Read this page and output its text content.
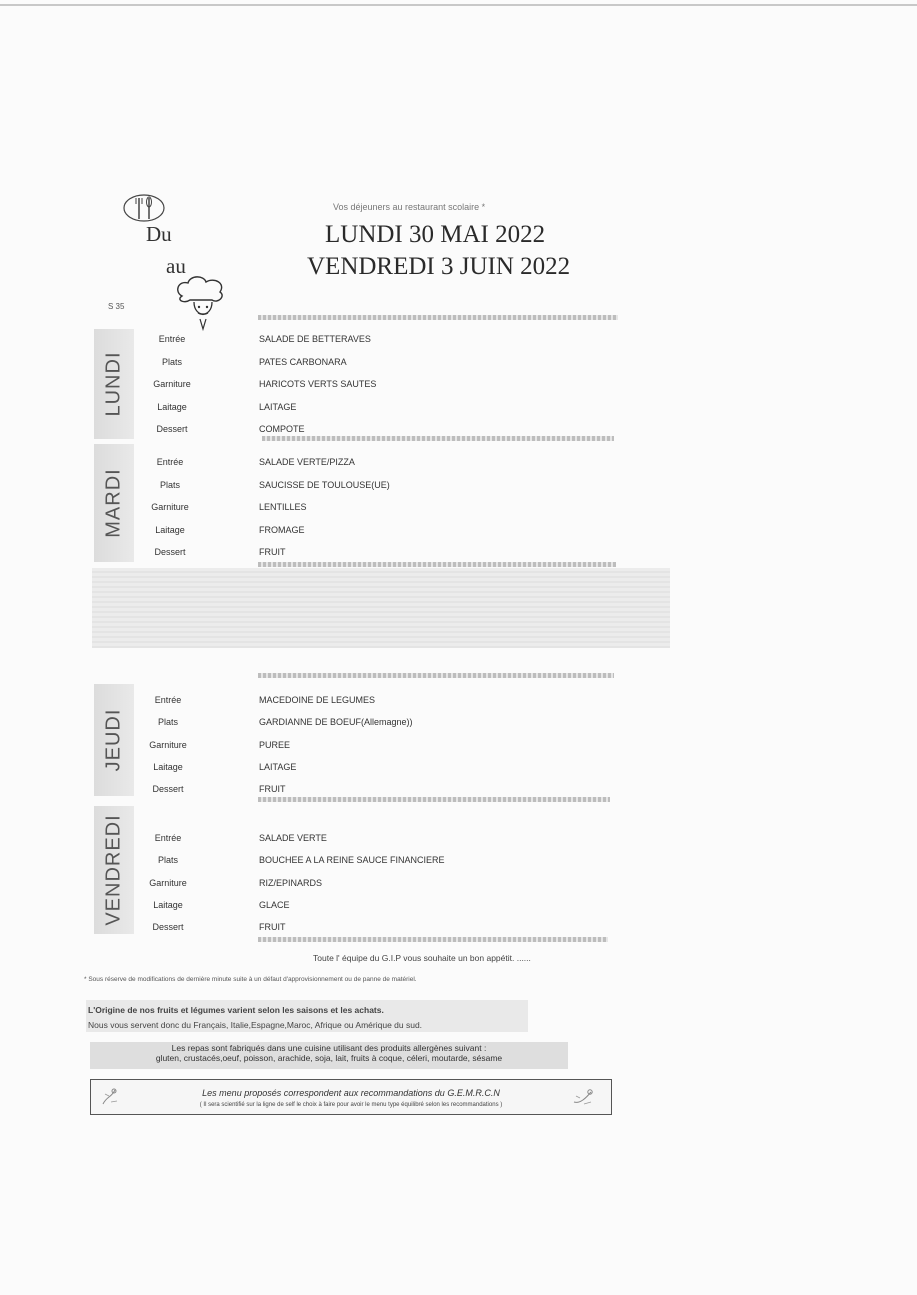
Vos déjeuners au restaurant scolaire *
Du
au
LUNDI 30 MAI 2022
VENDREDI 3 JUIN 2022
S 35
LUNDI
Entrée	SALADE DE BETTERAVES
Plats	PATES CARBONARA
Garniture	HARICOTS VERTS SAUTES
Laitage	LAITAGE
Dessert	COMPOTE
MARDI
Entrée	SALADE VERTE/PIZZA
Plats	SAUCISSE DE TOULOUSE(UE)
Garniture	LENTILLES
Laitage	FROMAGE
Dessert	FRUIT
JEUDI
Entrée	MACEDOINE DE LEGUMES
Plats	GARDIANNE DE BOEUF(Allemagne))
Garniture	PUREE
Laitage	LAITAGE
Dessert	FRUIT
VENDREDI	Entrée	SALADE VERTE
Plats	BOUCHEE A LA REINE SAUCE FINANCIERE
Garniture	RIZ/EPINARDS
Laitage	GLACE
Dessert	FRUIT
Toute l' équipe du G.I.P vous souhaite un bon appétit. ......
* Sous réserve de modifications de dernière minute suite à un défaut d'approvisionnement ou de panne de matériel.
L'Origine de nos fruits et légumes varient selon les saisons et les achats.
Nous vous servent donc du Français, Italie,Espagne,Maroc, Afrique ou Amérique du sud.
Les repas sont fabriqués dans une cuisine utilisant des produits allergènes suivant :
gluten, crustacés,oeuf, poisson, arachide, soja, lait, fruits à coque, céleri, moutarde, sésame
Les menu proposés correspondent aux recommandations du G.E.M.R.C.N
( Il sera scientifié sur la ligne de self le choix à faire pour avoir le menu type équilibré selon les recommandations )
